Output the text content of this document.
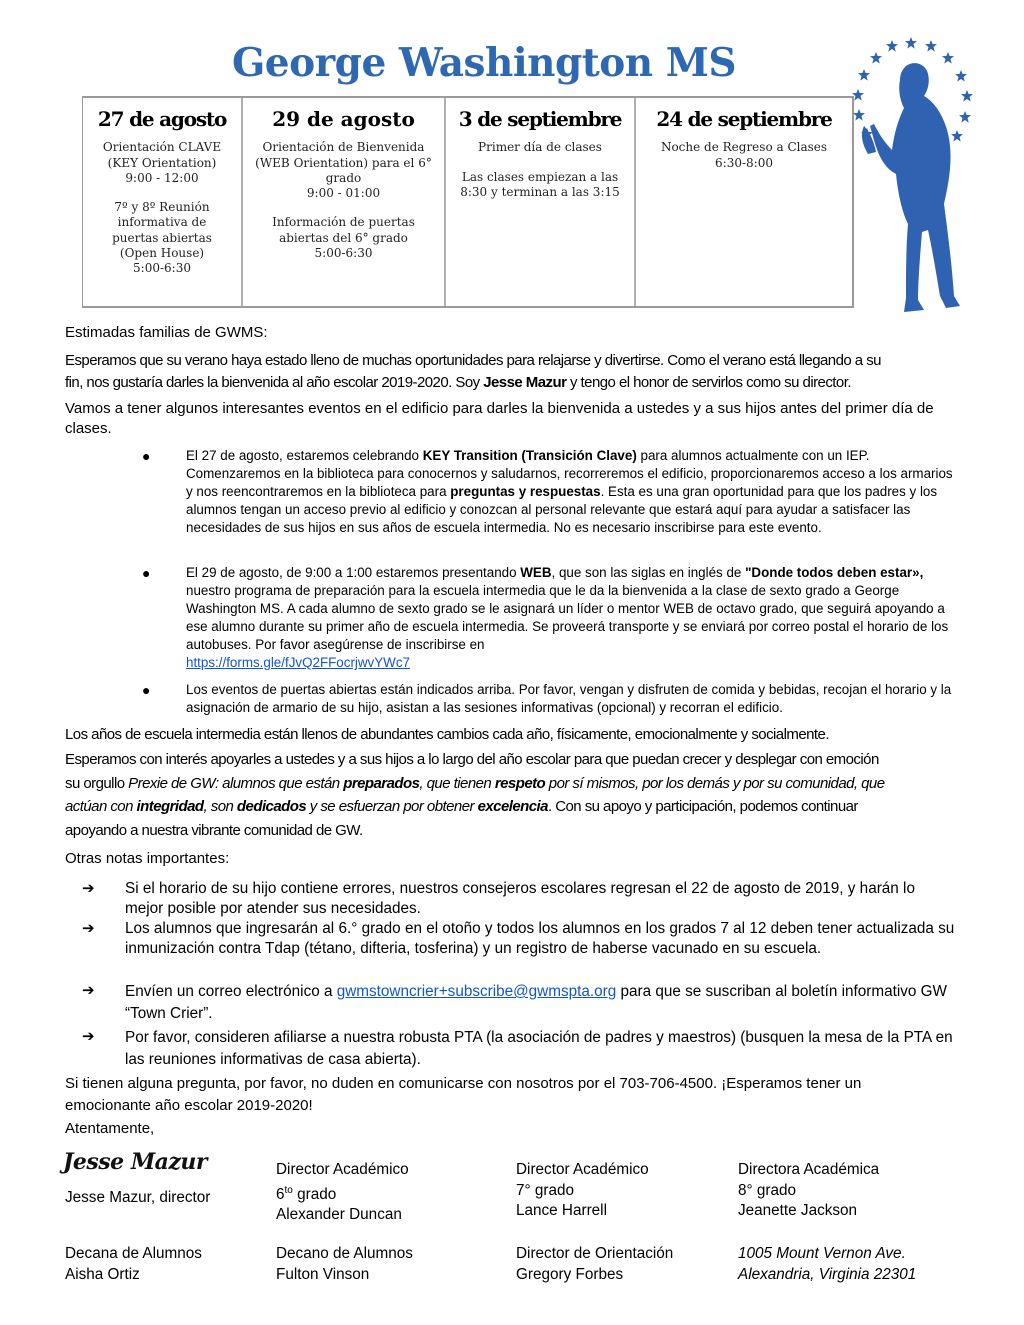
George Washington MS
27 de agosto
Orientación CLAVE
(KEY Orientation)
9:00 - 12:00
7º y 8º Reunión
informativa de
puertas abiertas
(Open House)
5:00-6:30
29 de agosto
Orientación de Bienvenida
(WEB Orientation) para el 6°
grado
9:00 - 01:00
Información de puertas
abiertas del 6° grado
5:00-6:30
3 de septiembre
Primer día de clases
Las clases empiezan a las
8:30 y terminan a las 3:15
24 de septiembre
Noche de Regreso a Clases
6:30-8:00
Estimadas familias de GWMS:
Esperamos que su verano haya estado lleno de muchas oportunidades para relajarse y divertirse. Como el verano está llegando a su
fin, nos gustaría darles la bienvenida al año escolar 2019-2020. Soy Jesse Mazur y tengo el honor de servirlos como su director.
Vamos a tener algunos interesantes eventos en el edificio para darles la bienvenida a ustedes y a sus hijos antes del primer día de clases.
●	El 27 de agosto, estaremos celebrando KEY Transition (Transición Clave) para alumnos actualmente con un IEP. Comenzaremos en la biblioteca para conocernos y saludarnos, recorreremos el edificio, proporcionaremos acceso a los armarios y nos reencontraremos en la biblioteca para preguntas y respuestas. Esta es una gran oportunidad para que los padres y los alumnos tengan un acceso previo al edificio y conozcan al personal relevante que estará aquí para ayudar a satisfacer las necesidades de sus hijos en sus años de escuela intermedia. No es necesario inscribirse para este evento.
●	El 29 de agosto, de 9:00 a 1:00 estaremos presentando WEB, que son las siglas en inglés de "Donde todos deben estar», nuestro programa de preparación para la escuela intermedia que le da la bienvenida a la clase de sexto grado a George Washington MS. A cada alumno de sexto grado se le asignará un líder o mentor WEB de octavo grado, que seguirá apoyando a ese alumno durante su primer año de escuela intermedia. Se proveerá transporte y se enviará por correo postal el horario de los autobuses. Por favor asegúrense de inscribirse en
https://forms.gle/fJvQ2FFocrjwvYWc7
●	Los eventos de puertas abiertas están indicados arriba. Por favor, vengan y disfruten de comida y bebidas, recojan el horario y la asignación de armario de su hijo, asistan a las sesiones informativas (opcional) y recorran el edificio.
Los años de escuela intermedia están llenos de abundantes cambios cada año, físicamente, emocionalmente y socialmente.
Esperamos con interés apoyarles a ustedes y a sus hijos a lo largo del año escolar para que puedan crecer y desplegar con emoción
su orgullo Prexie de GW: alumnos que están preparados, que tienen respeto por sí mismos, por los demás y por su comunidad, que
actúan con integridad, son dedicados y se esfuerzan por obtener excelencia. Con su apoyo y participación, podemos continuar
apoyando a nuestra vibrante comunidad de GW.
Otras notas importantes:
➔ Si el horario de su hijo contiene errores, nuestros consejeros escolares regresan el 22 de agosto de 2019, y harán lo mejor posible por atender sus necesidades.
➔ Los alumnos que ingresarán al 6.° grado en el otoño y todos los alumnos en los grados 7 al 12 deben tener actualizada su inmunización contra Tdap (tétano, difteria, tosferina) y un registro de haberse vacunado en su escuela.
➔ Envíen un correo electrónico a gwmstowncrier+subscribe@gwmspta.org para que se suscriban al boletín informativo GW “Town Crier”.
➔ Por favor, consideren afiliarse a nuestra robusta PTA (la asociación de padres y maestros) (busquen la mesa de la PTA en las reuniones informativas de casa abierta).
Si tienen alguna pregunta, por favor, no duden en comunicarse con nosotros por el 703-706-4500. ¡Esperamos tener un emocionante año escolar 2019-2020!
Atentamente,
Jesse Mazur
Jesse Mazur, director
Director Académico
$6^{to}$ grado
Alexander Duncan
Director Académico
7° grado
Lance Harrell
Directora Académica
8° grado
Jeanette Jackson
Decana de Alumnos
Aisha Ortiz
Decano de Alumnos
Fulton Vinson
Director de Orientación
Gregory Forbes
1005 Mount Vernon Ave.
Alexandria, Virginia 22301
